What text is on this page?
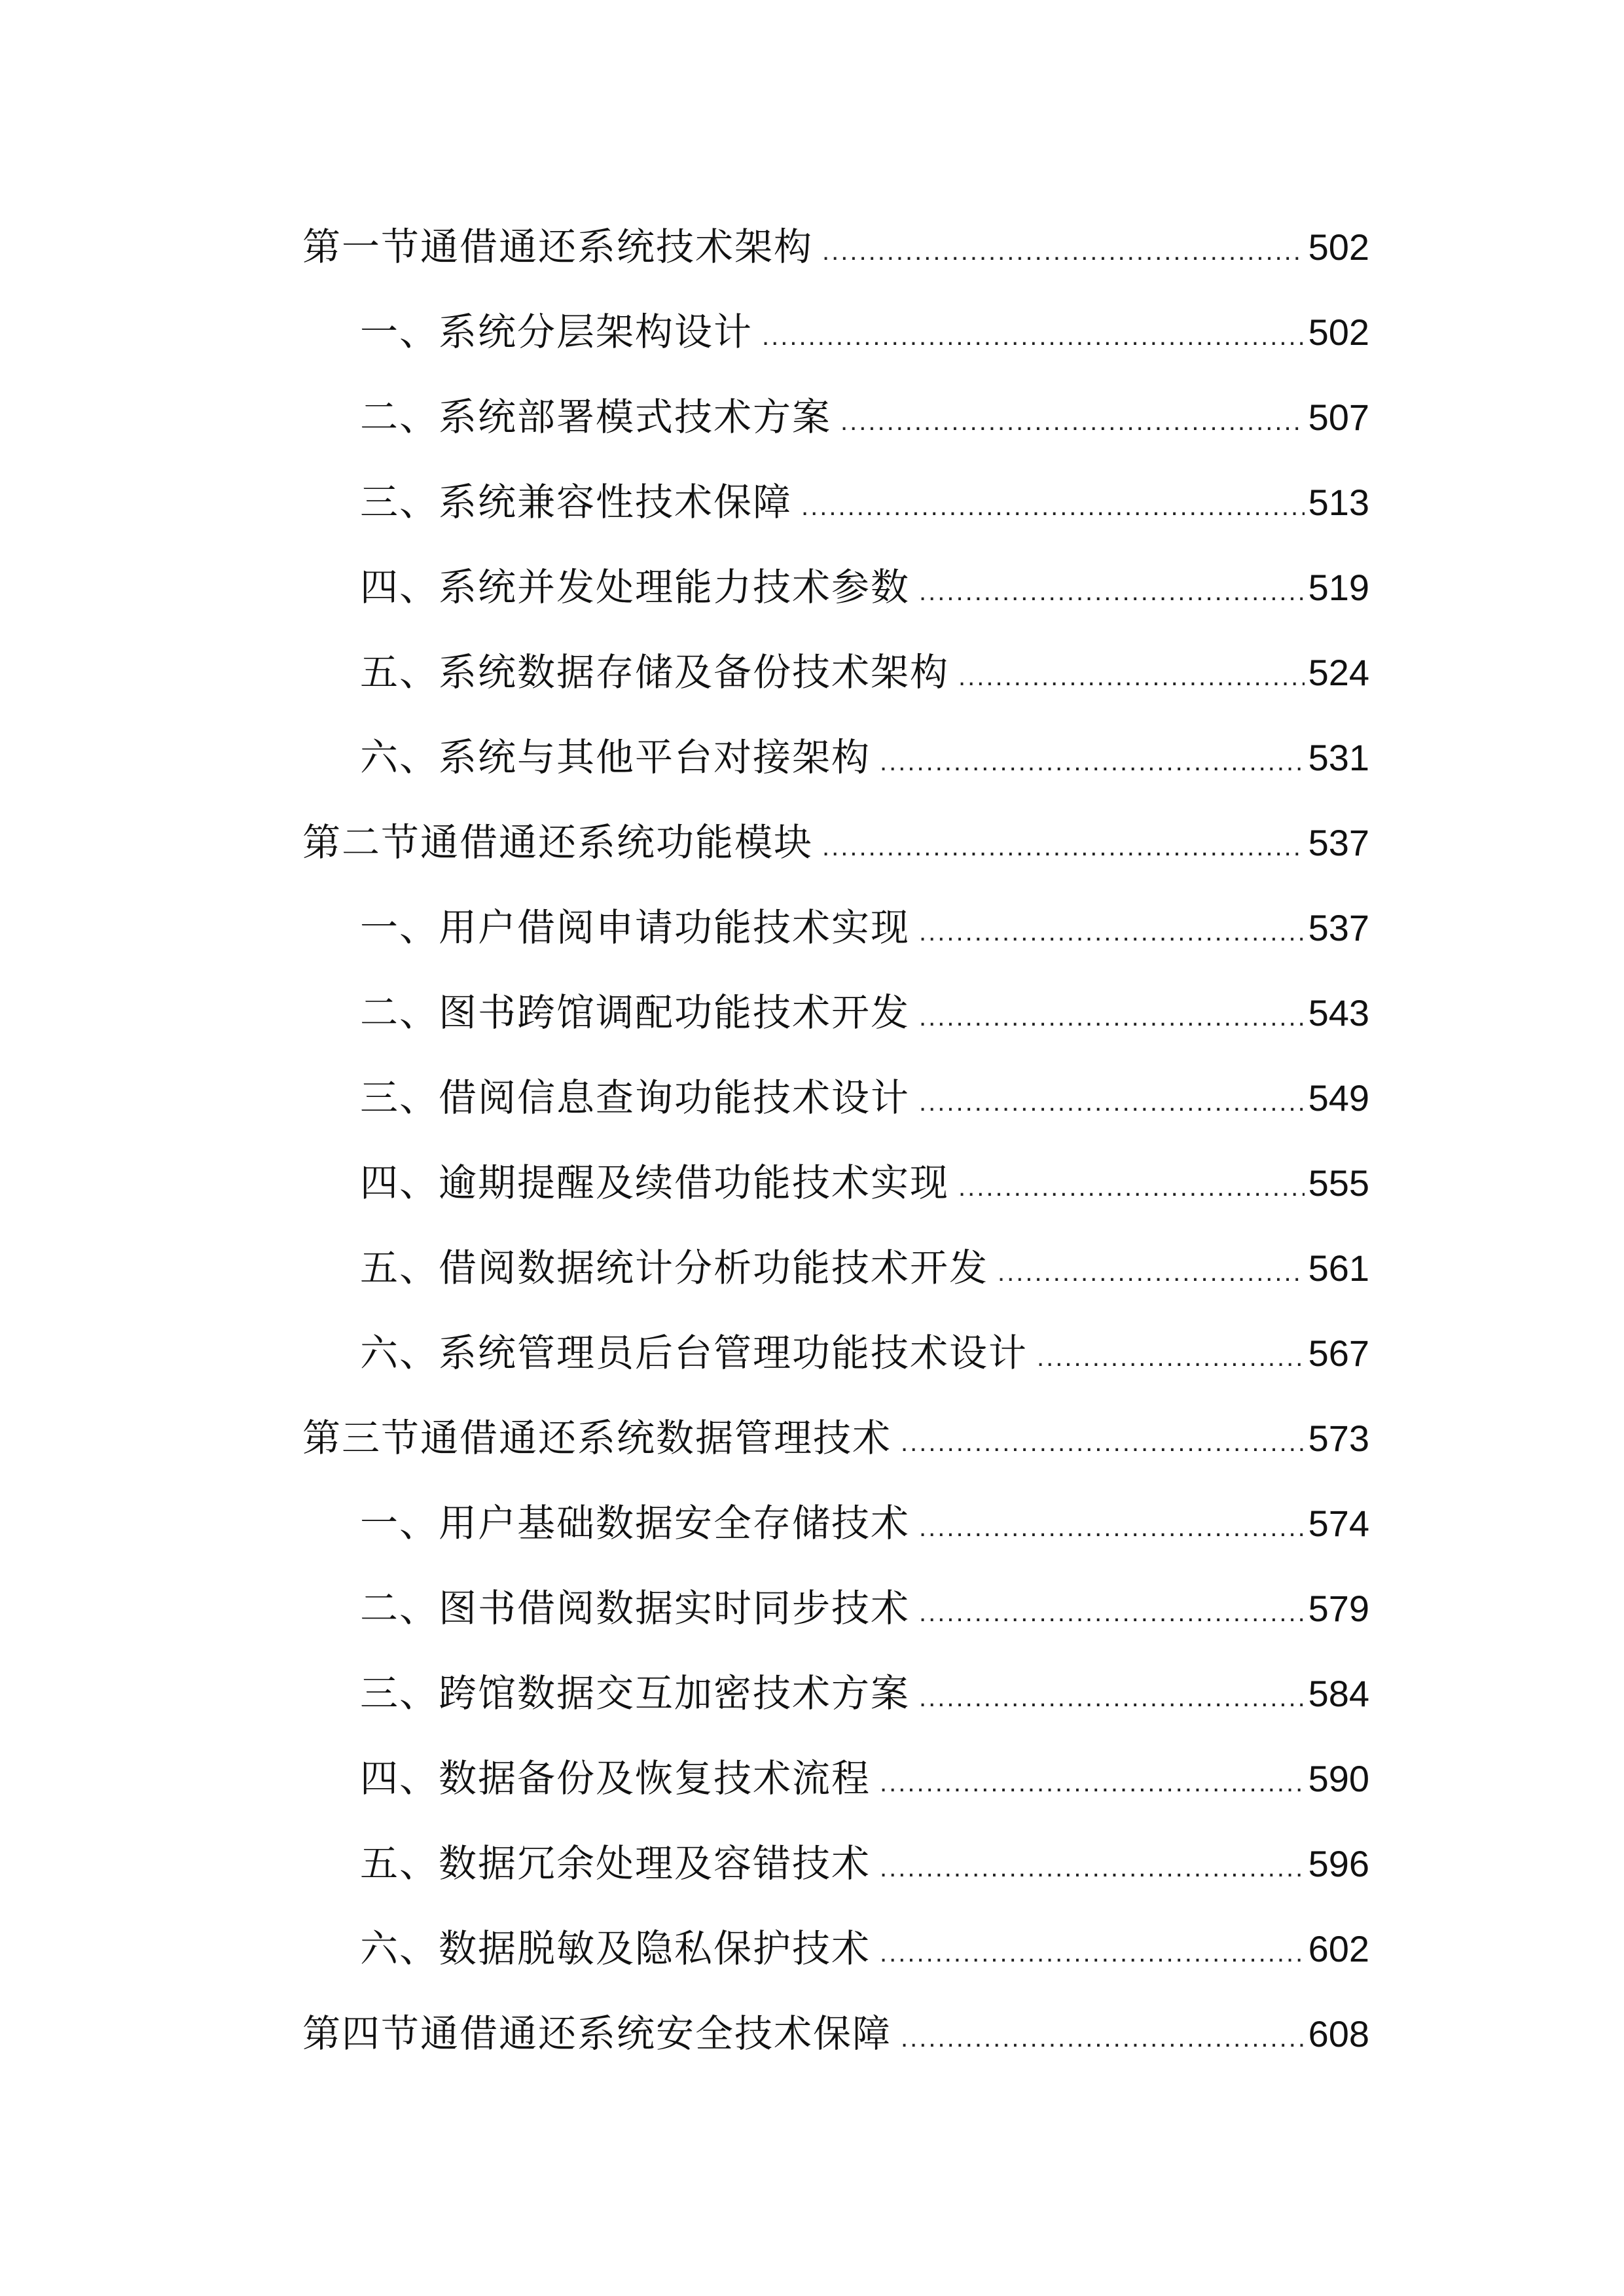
第一节通借通还系统技术架构 .....	502
一、系统分层架构设计 .....	502
二、系统部署模式技术方案 .....	507
三、系统兼容性技术保障 .....	513
四、系统并发处理能力技术参数 .....	519
五、系统数据存储及备份技术架构 .....	524
六、系统与其他平台对接架构 .....	531
第二节通借通还系统功能模块 .....	537
一、用户借阅申请功能技术实现 .....	537
二、图书跨馆调配功能技术开发 .....	543
三、借阅信息查询功能技术设计 .....	549
四、逾期提醒及续借功能技术实现 .....	555
五、借阅数据统计分析功能技术开发 .....	561
六、系统管理员后台管理功能技术设计 .....	567
第三节通借通还系统数据管理技术 .....	573
一、用户基础数据安全存储技术 .....	574
二、图书借阅数据实时同步技术 .....	579
三、跨馆数据交互加密技术方案 .....	584
四、数据备份及恢复技术流程 .....	590
五、数据冗余处理及容错技术 .....	596
六、数据脱敏及隐私保护技术 .....	602
第四节通借通还系统安全技术保障 .....	608
